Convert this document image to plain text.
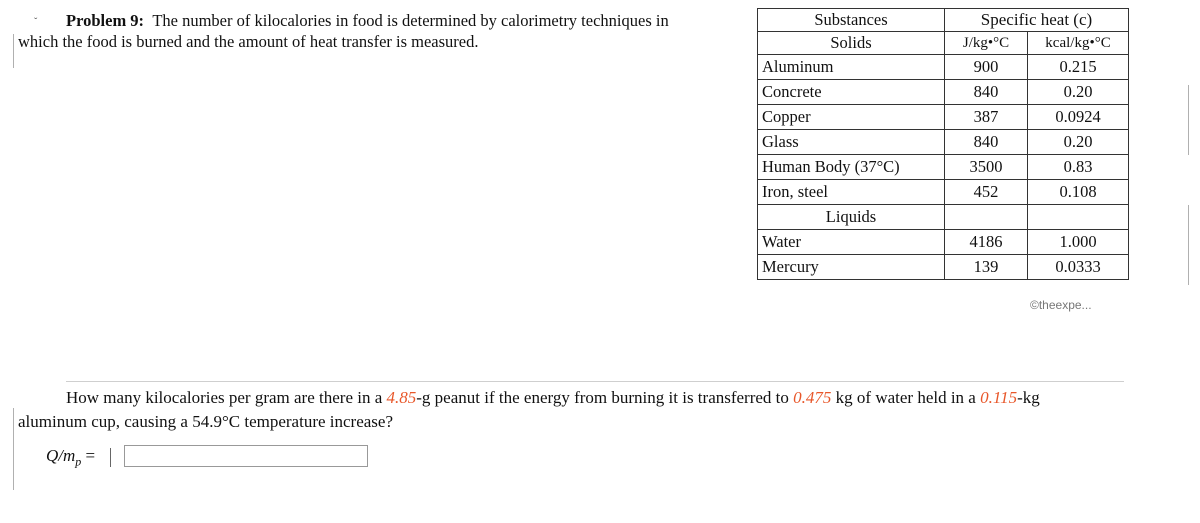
ˇ	Problem 9: The number of kilocalories in food is determined by calorimetry techniques in
which the food is burned and the amount of heat transfer is measured.
Substances	Specific heat (c)	
Solids	J/kg•°C	kcal/kg•°C
Aluminum	900	0.215
Concrete	840	0.20
Copper	387	0.0924
Glass	840	0.20
Human Body (37°C)	3500	0.83
Iron, steel	452	0.108
Liquids		
Water	4186	1.000
Mercury	139	0.0333
©theexpe...
How many kilocalories per gram are there in a 4.85-g peanut if the energy from burning it is transferred to 0.475 kg of water held in a 0.115-kg
aluminum cup, causing a 54.9°C temperature increase?
$Q/m_p$ =
